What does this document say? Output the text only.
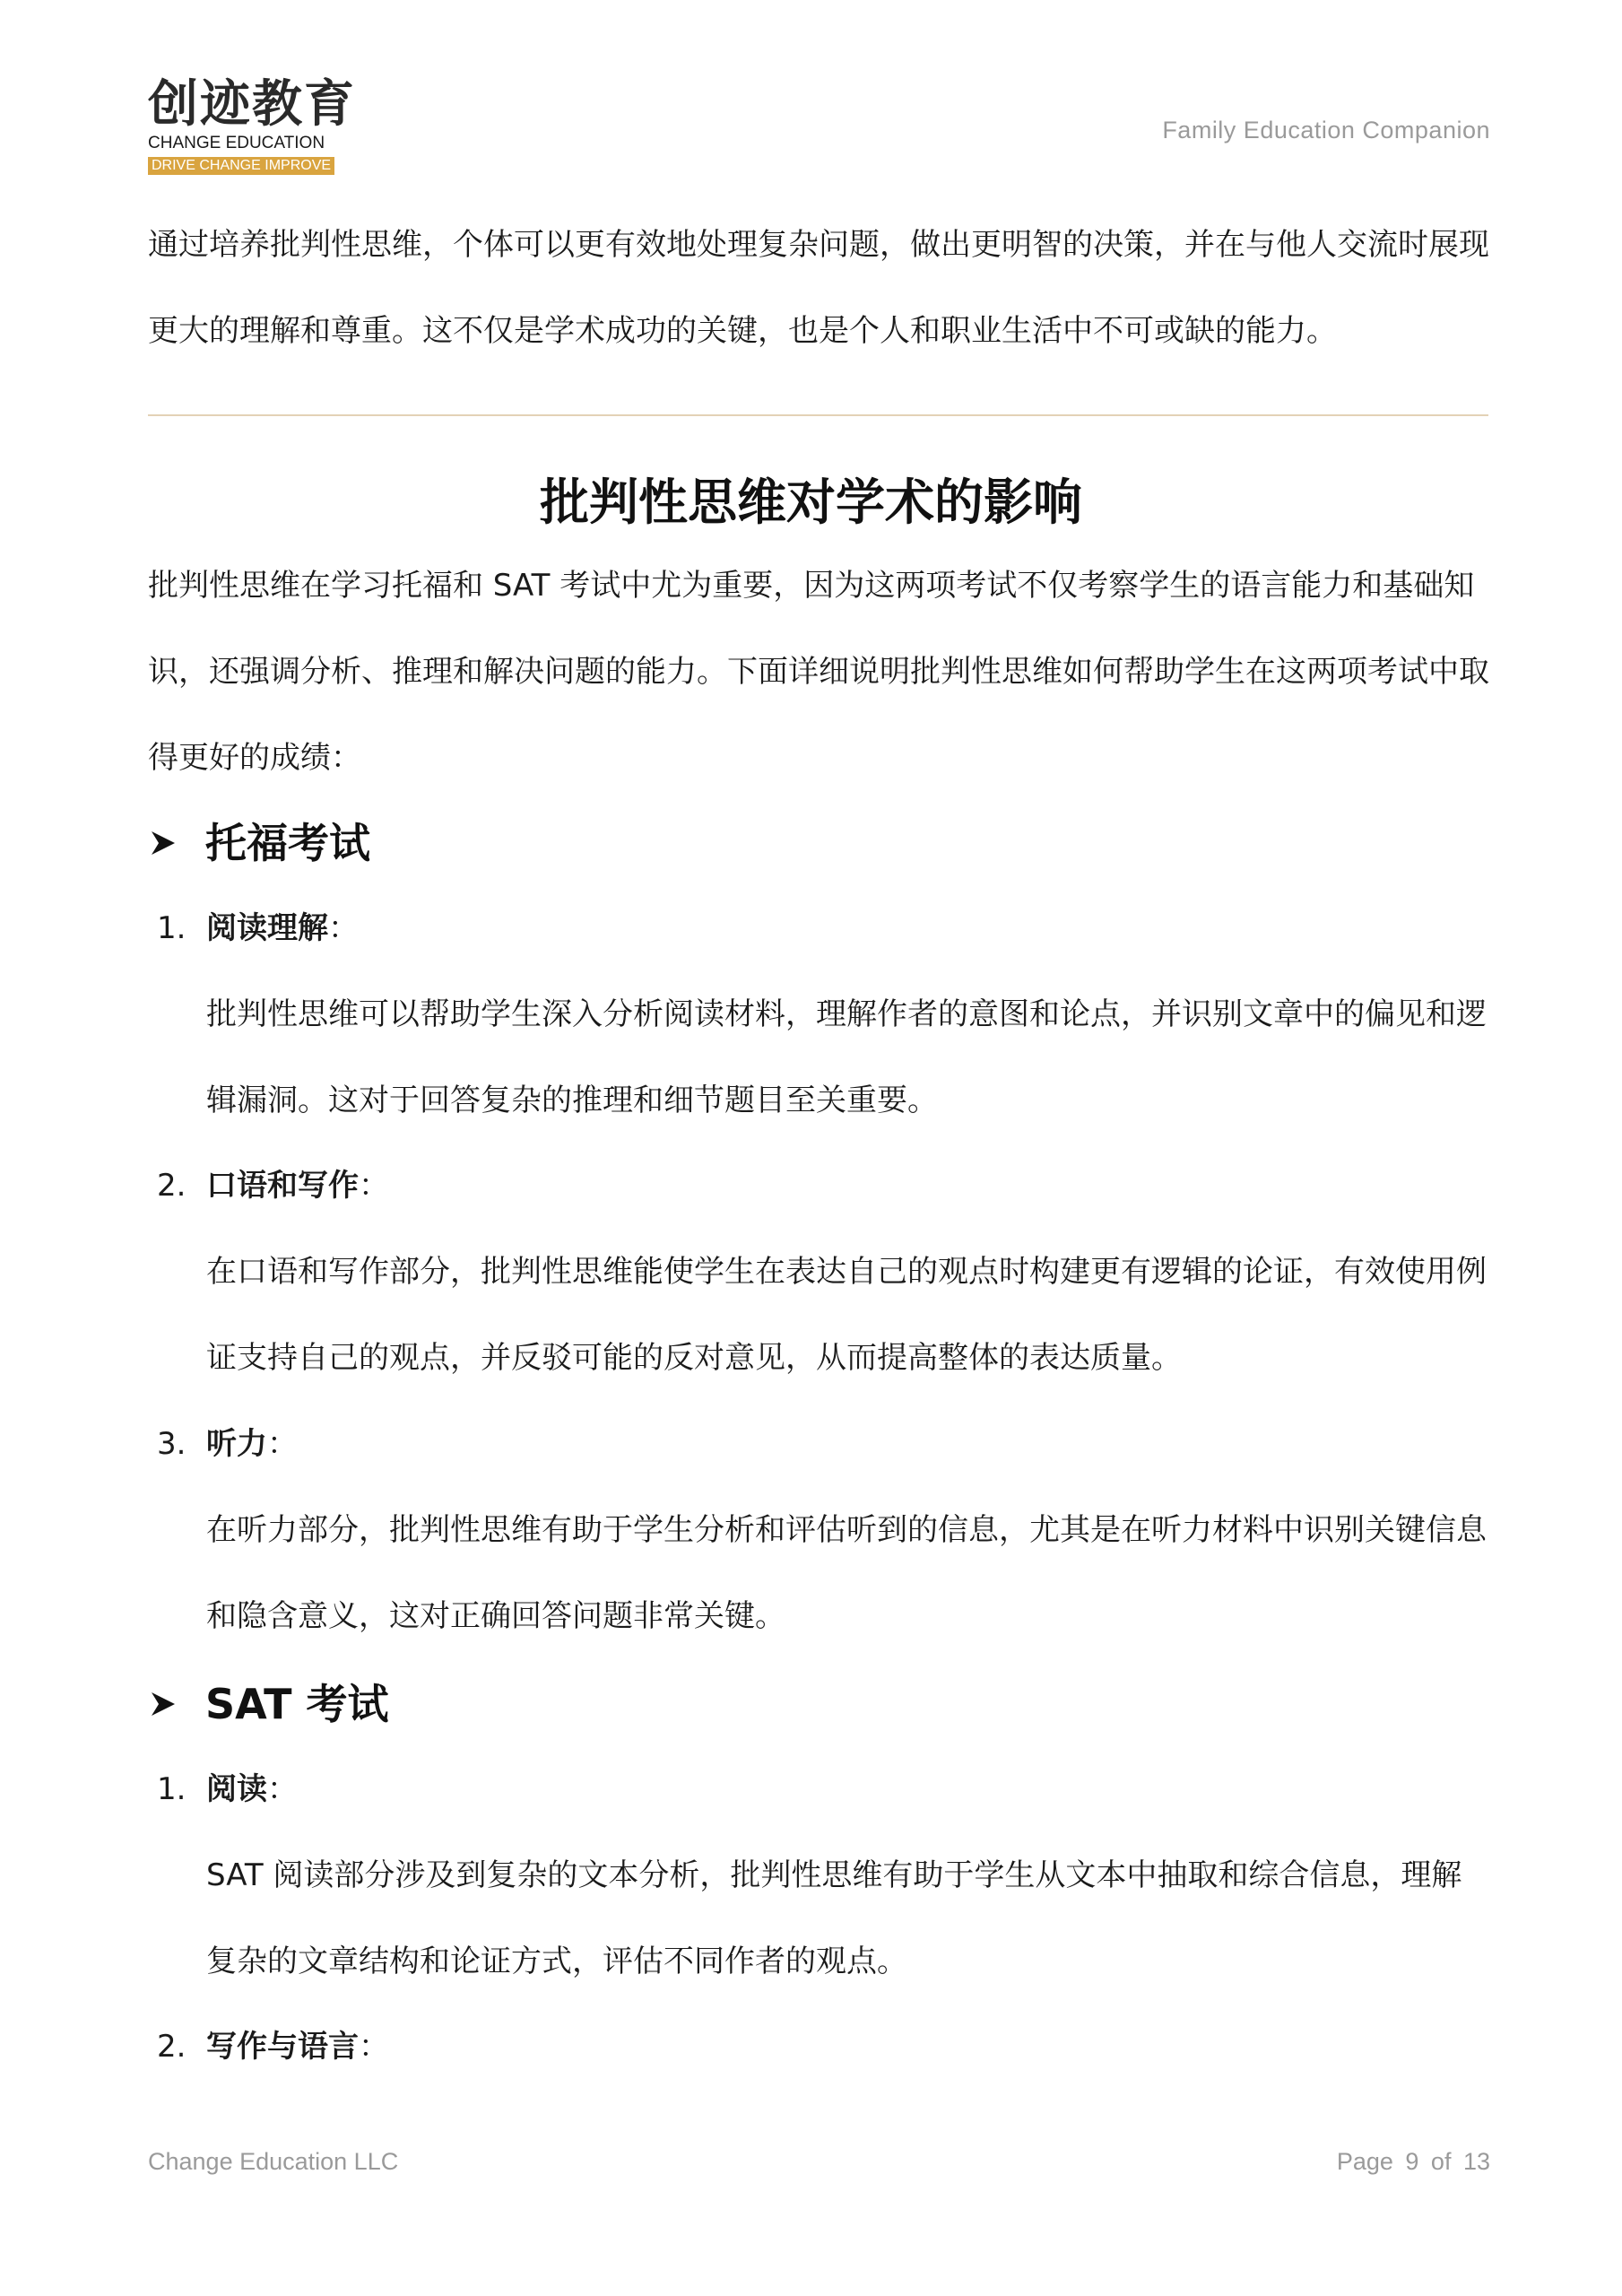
创迹教育
CHANGE EDUCATION
DRIVE CHANGE IMPROVE
Family Education Companion
通过培养批判性思维，个体可以更有效地处理复杂问题，做出更明智的决策，并在与他人交流时展现更大的理解和尊重。这不仅是学术成功的关键，也是个人和职业生活中不可或缺的能力。
批判性思维对学术的影响
批判性思维在学习托福和 SAT 考试中尤为重要，因为这两项考试不仅考察学生的语言能力和基础知识，还强调分析、推理和解决问题的能力。下面详细说明批判性思维如何帮助学生在这两项考试中取得更好的成绩：
托福考试
1. 阅读理解 ：
批判性思维可以帮助学生深入分析阅读材料，理解作者的意图和论点，并识别文章中的偏见和逻辑漏洞。这对于回答复杂的推理和细节题目至关重要。
2. 口语和写作 ：
在口语和写作部分，批判性思维能使学生在表达自己的观点时构建更有逻辑的论证，有效使用例证支持自己的观点，并反驳可能的反对意见，从而提高整体的表达质量。
3. 听力 ：
在听力部分，批判性思维有助于学生分析和评估听到的信息，尤其是在听力材料中识别关键信息和隐含意义，这对正确回答问题非常关键。
SAT 考试
1. 阅读 ：
SAT 阅读部分涉及到复杂的文本分析，批判性思维有助于学生从文本中抽取和综合信息，理解复杂的文章结构和论证方式，评估不同作者的观点。
2. 写作与语言 ：
Change Education LLC	Page 9 of 13
